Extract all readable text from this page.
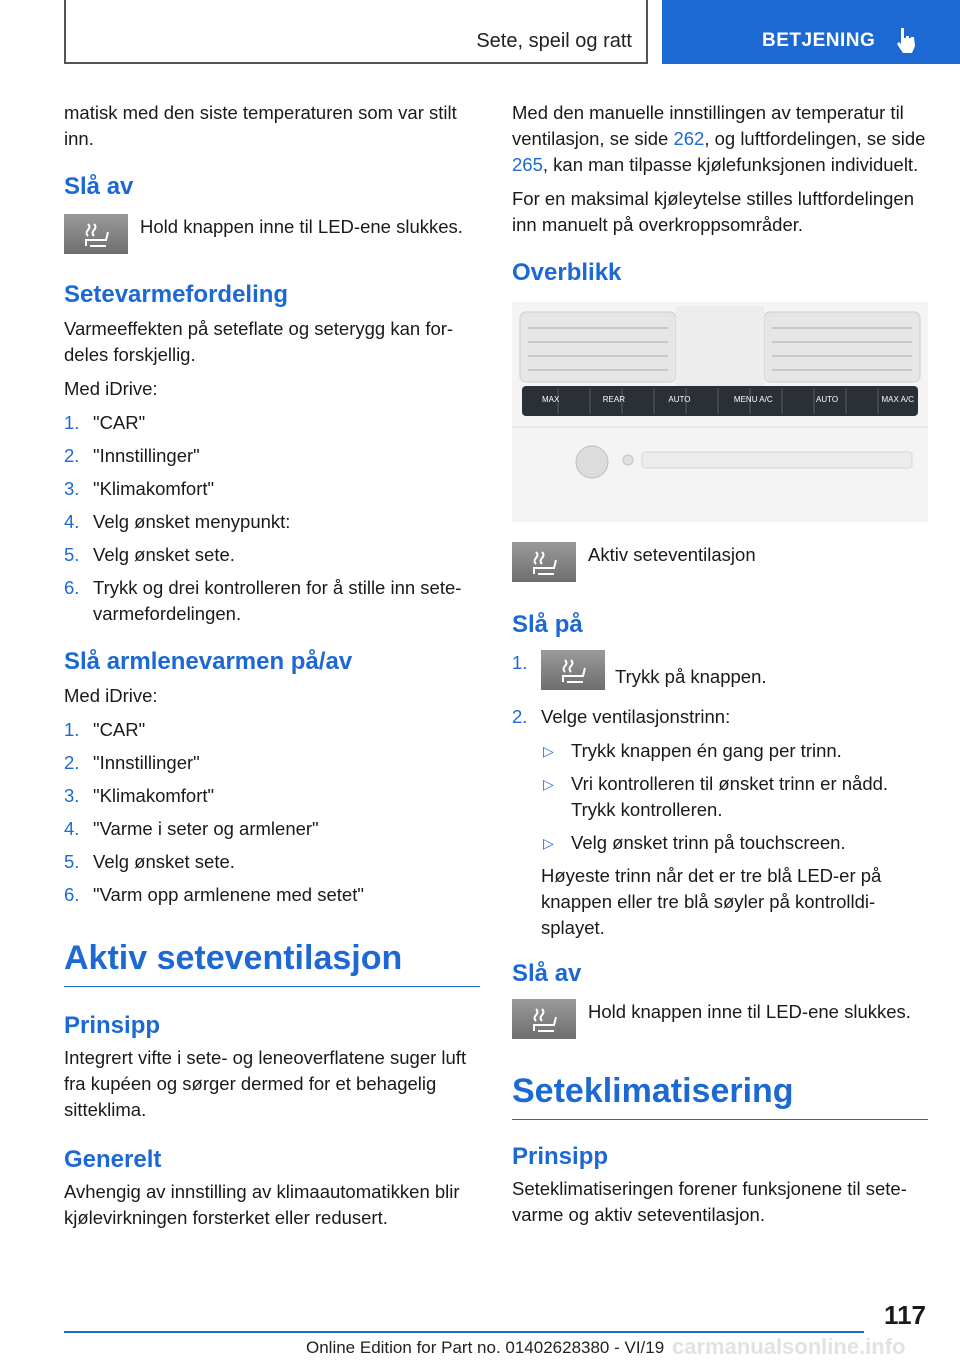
Sete, speil og ratt	BETJENING

matisk med den siste temperaturen som var stilt inn.

Slå av

Hold knappen inne til LED-ene slukkes.

Setevarmefordeling

Varmeeffekten på seteflate og seterygg kan fordeles forskjellig.

Med iDrive:

1. "CAR"
2. "Innstillinger"
3. "Klimakomfort"
4. Velg ønsket menypunkt:
5. Velg ønsket sete.
6. Trykk og drei kontrolleren for å stille inn setevarmefordelingen.
Slå armlenevarmen på/av

Med iDrive:

1. "CAR"
2. "Innstillinger"
3. "Klimakomfort"
4. "Varme i seter og armlener"
5. Velg ønsket sete.
6. "Varm opp armlenene med setet"
Aktiv seteventilasjon
Prinsipp

Integrert vifte i sete- og leneoverflatene suger luft fra kupéen og sørger dermed for et behagelig sitteklima.

Generelt

Avhengig av innstilling av klimaautomatikken blir kjølevirkningen forsterket eller redusert.

Med den manuelle innstillingen av temperatur til ventilasjon, se side 262, og luftfordelingen, se side 265, kan man tilpasse kjølefunksjonen individuelt.

For en maksimal kjøleytelse stilles luftfordelingen inn manuelt på overkroppsområder.

Overblikk
MAX	REAR	AUTO	MENU A/C	AUTO	MAX A/C

Aktiv seteventilasjon

Slå på
1.
Trykk på knappen.
2. Velge ventilasjonstrinn:
▷ Trykk knappen én gang per trinn.
▷ Vri kontrolleren til ønsket trinn er nådd. Trykk kontrolleren.
▷ Velg ønsket trinn på touchscreen.

Høyeste trinn når det er tre blå LED-er på knappen eller tre blå søyler på kontrolldisplayet.

Slå av

Hold knappen inne til LED-ene slukkes.

Seteklimatisering
Prinsipp

Seteklimatiseringen forener funksjonene til setevarme og aktiv seteventilasjon.

117
carmanualsonline.info
Online Edition for Part no. 01402628380 - VI/19
